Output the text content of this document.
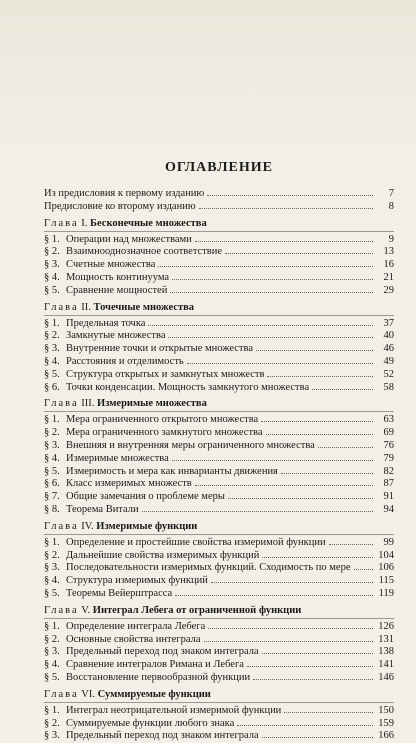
ОГЛАВЛЕНИЕ
Из предисловия к первому изданию	7
Предисловие ко второму изданию	8
Глава I. Бесконечные множества
§ 1. Операции над множествами	9
§ 2. Взаимнооднозначное соответствие	13
§ 3. Счетные множества	16
§ 4. Мощность континуума	21
§ 5. Сравнение мощностей	29
Глава II. Точечные множества
§ 1. Предельная точка	37
§ 2. Замкнутые множества	40
§ 3. Внутренние точки и открытые множества	46
§ 4. Расстояния и отделимость	49
§ 5. Структура открытых и замкнутых множеств	52
§ 6. Точки конденсации. Мощность замкнутого множества	58
Глава III. Измеримые множества
§ 1. Мера ограниченного открытого множества	63
§ 2. Мера ограниченного замкнутого множества	69
§ 3. Внешняя и внутренняя меры ограниченного множества	76
§ 4. Измеримые множества	79
§ 5. Измеримость и мера как инварианты движения	82
§ 6. Класс измеримых множеств	87
§ 7. Общие замечания о проблеме меры	91
§ 8. Теорема Витали	94
Глава IV. Измеримые функции
§ 1. Определение и простейшие свойства измеримой функции	99
§ 2. Дальнейшие свойства измеримых функций	104
§ 3. Последовательности измеримых функций. Сходимость по мере	106
§ 4. Структура измеримых функций	115
§ 5. Теоремы Вейерштрасса	119
Глава V. Интеграл Лебега от ограниченной функции
§ 1. Определение интеграла Лебега	126
§ 2. Основные свойства интеграла	131
§ 3. Предельный переход под знаком интеграла	138
§ 4. Сравнение интегралов Римана и Лебега	141
§ 5. Восстановление первообразной функции	146
Глава VI. Суммируемые функции
§ 1. Интеграл неотрицательной измеримой функции	150
§ 2. Суммируемые функции любого знака	159
§ 3. Предельный переход под знаком интеграла	166
